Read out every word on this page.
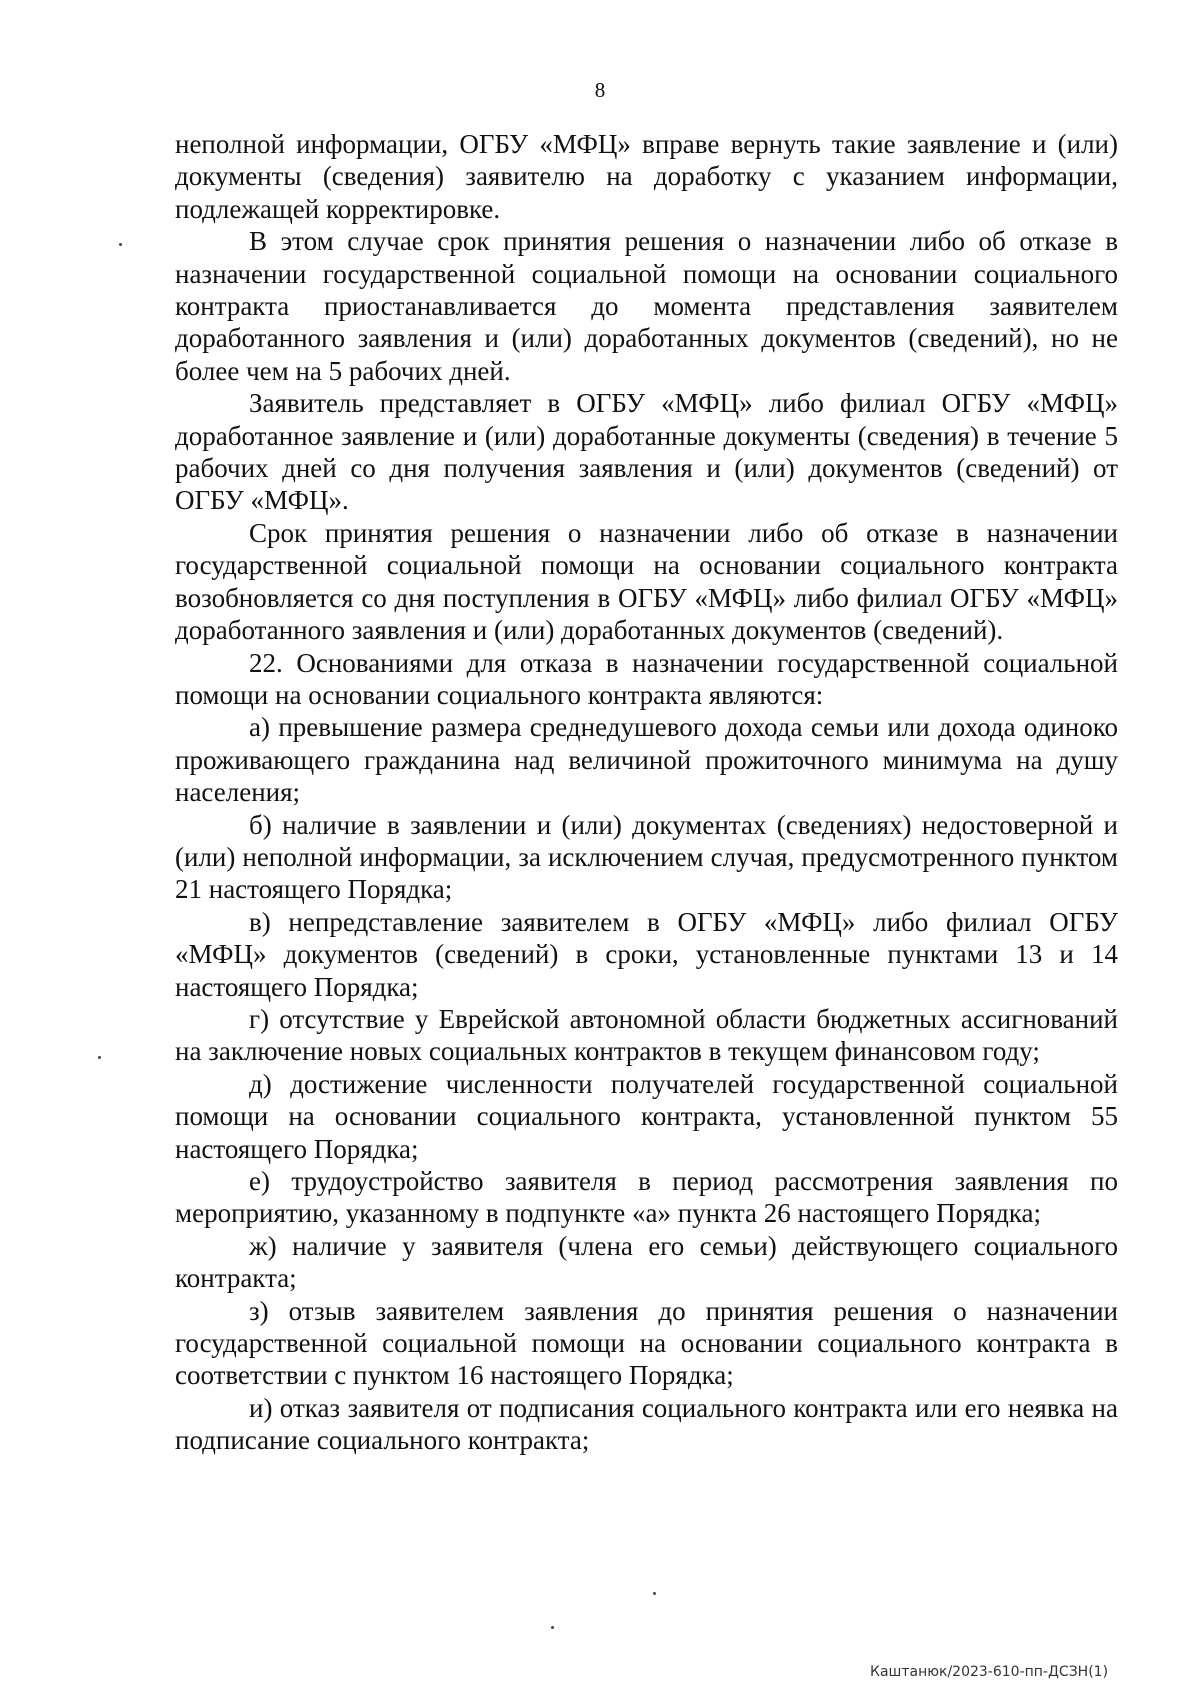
8

неполной информации, ОГБУ «МФЦ» вправе вернуть такие заявление и (или) документы (сведения) заявителю на доработку с указанием информации, подлежащей корректировке.

В этом случае срок принятия решения о назначении либо об отказе в назначении государственной социальной помощи на основании социального контракта приостанавливается до момента представления заявителем доработанного заявления и (или) доработанных документов (сведений), но не более чем на 5 рабочих дней.

Заявитель представляет в ОГБУ «МФЦ» либо филиал ОГБУ «МФЦ» доработанное заявление и (или) доработанные документы (сведения) в течение 5 рабочих дней со дня получения заявления и (или) документов (сведений) от ОГБУ «МФЦ».

Срок принятия решения о назначении либо об отказе в назначении государственной социальной помощи на основании социального контракта возобновляется со дня поступления в ОГБУ «МФЦ» либо филиал ОГБУ «МФЦ» доработанного заявления и (или) доработанных документов (сведений).

22. Основаниями для отказа в назначении государственной социальной помощи на основании социального контракта являются:

а) превышение размера среднедушевого дохода семьи или дохода одиноко проживающего гражданина над величиной прожиточного минимума на душу населения;

б) наличие в заявлении и (или) документах (сведениях) недостоверной и (или) неполной информации, за исключением случая, предусмотренного пунктом 21 настоящего Порядка;

в) непредставление заявителем в ОГБУ «МФЦ» либо филиал ОГБУ «МФЦ» документов (сведений) в сроки, установленные пунктами 13 и 14 настоящего Порядка;

г) отсутствие у Еврейской автономной области бюджетных ассигнований на заключение новых социальных контрактов в текущем финансовом году;

д) достижение численности получателей государственной социальной помощи на основании социального контракта, установленной пунктом 55 настоящего Порядка;

е) трудоустройство заявителя в период рассмотрения заявления по мероприятию, указанному в подпункте «а» пункта 26 настоящего Порядка;

ж) наличие у заявителя (члена его семьи) действующего социального контракта;

з) отзыв заявителем заявления до принятия решения о назначении государственной социальной помощи на основании социального контракта в соответствии с пунктом 16 настоящего Порядка;

и) отказ заявителя от подписания социального контракта или его неявка на подписание социального контракта;

Каштанюк/2023-610-пп-ДСЗН(1)
